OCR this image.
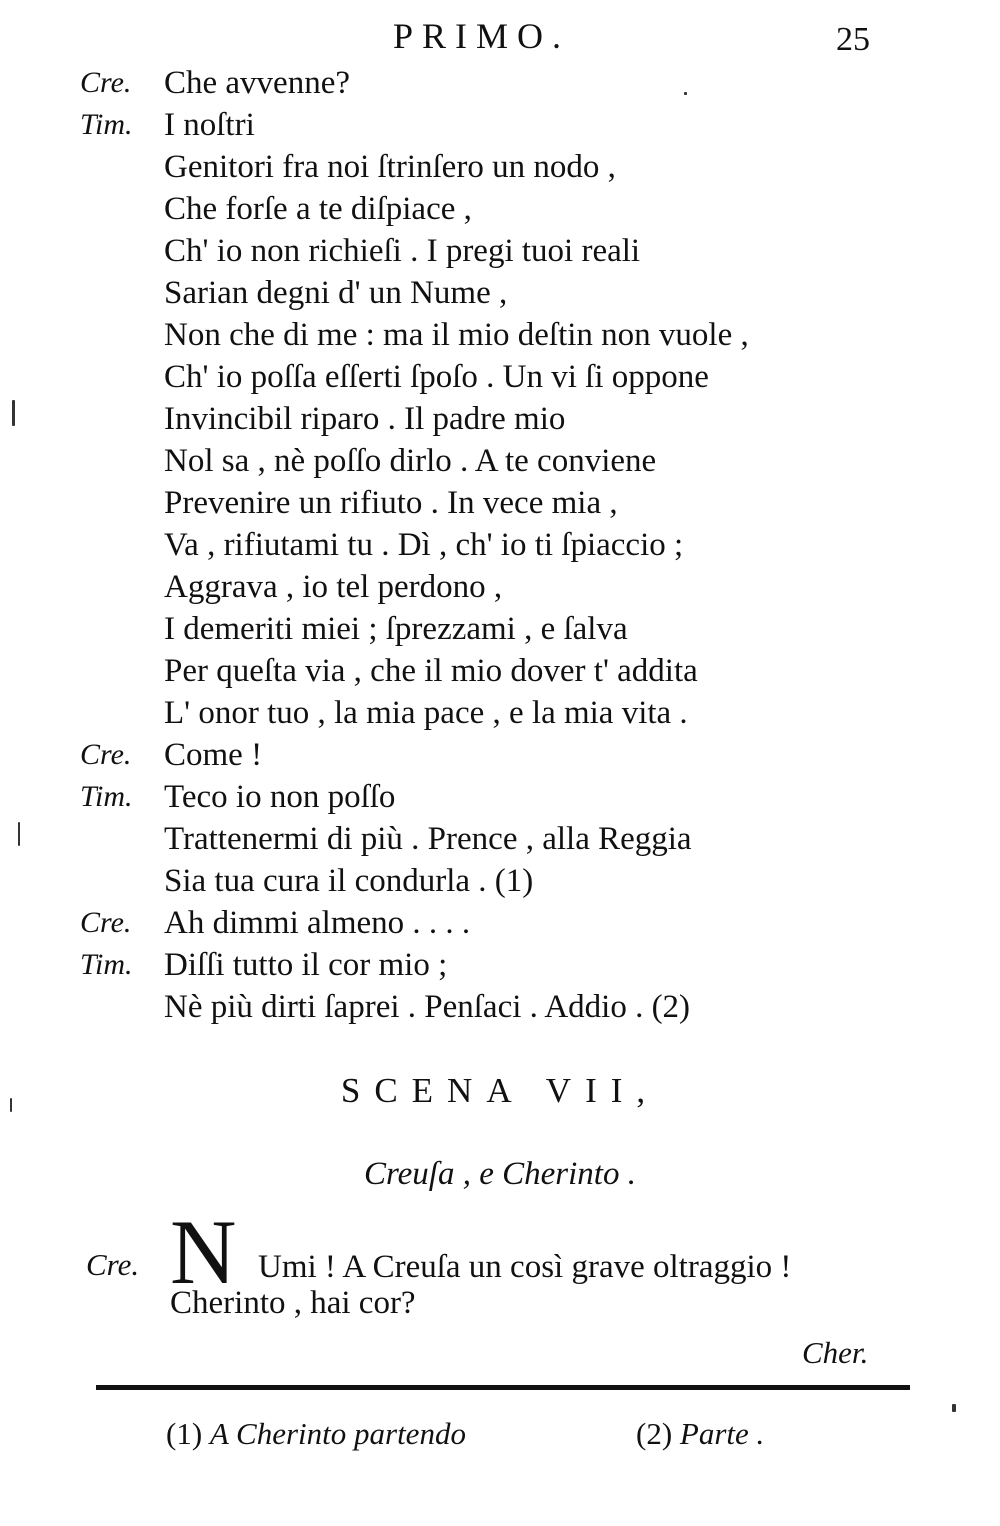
PRIMO.	25
Cre. Che avvenne?
Tim. I noſtri
Genitori fra noi ſtrinſero un nodo ,
Che forſe a te diſpiace ,
Ch' io non richieſi . I pregi tuoi reali
Sarian degni d' un Nume ,
Non che di me : ma il mio deſtin non vuole ,
Ch' io poſſa eſſerti ſpoſo . Un vi ſi oppone
Invincibil riparo . Il padre mio
Nol sa , nè poſſo dirlo . A te conviene
Prevenire un rifiuto . In vece mia ,
Va , rifiutami tu . Dì , ch' io ti ſpiaccio ;
Aggrava , io tel perdono ,
I demeriti miei ; ſprezzami , e ſalva
Per queſta via , che il mio dover t' addita
L' onor tuo , la mia pace , e la mia vita .
Cre. Come !
Tim. Teco io non poſſo
Trattenermi di più . Prence , alla Reggia
Sia tua cura il condurla . (1)
Cre. Ah dimmi almeno . . . .
Tim. Diſſi tutto il cor mio ;
Nè più dirti ſaprei . Penſaci . Addio . (2)
SCENA VII,
Creuſa , e Cherinto .
Cre. N Umi ! A Creuſa un così grave oltraggio !
Cherinto , hai cor?
Cher.
(1) A Cherinto partendo	(2) Parte .
